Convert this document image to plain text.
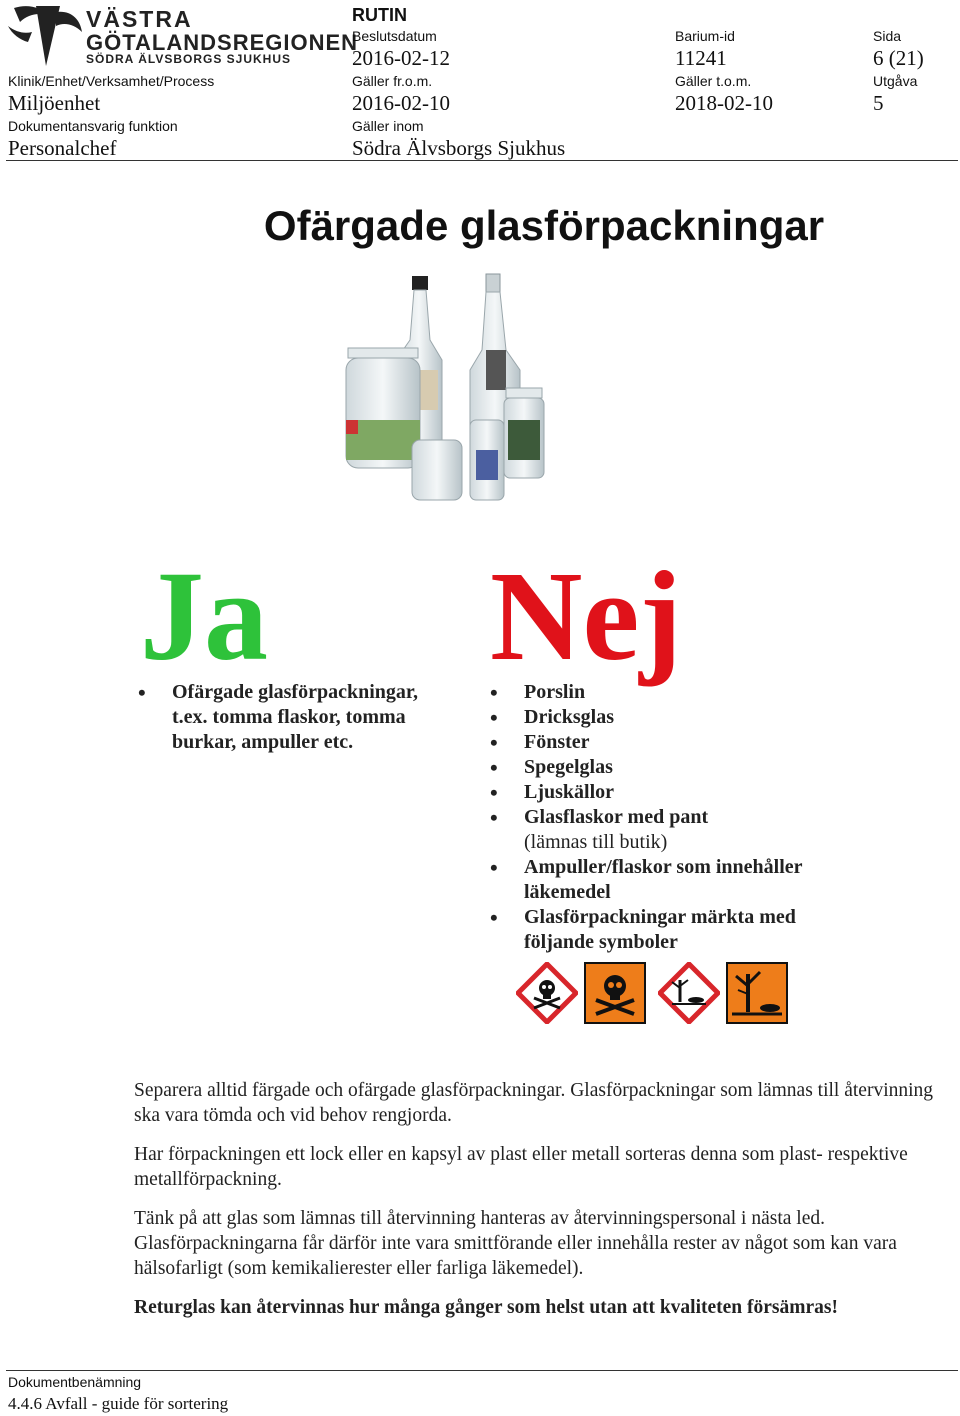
VÄSTRA
GÖTALANDSREGIONEN
SÖDRA ÄLVSBORGS SJUKHUS
RUTIN
Beslutsdatum
2016-02-12
Barium-id
11241
Sida
6 (21)
Klinik/Enhet/Verksamhet/Process
Miljöenhet
Gäller fr.o.m.
2016-02-10
Gäller t.o.m.
2018-02-10
Utgåva
5
Dokumentansvarig funktion
Personalchef
Gäller inom
Södra Älvsborgs Sjukhus
Ofärgade glasförpackningar
Ja
• Ofärgade glasförpackningar, t.ex. tomma flaskor, tomma burkar, ampuller etc.
Nej
• Porslin
• Dricksglas
• Fönster
• Spegelglas
• Ljuskällor
• Glasflaskor med pant
(lämnas till butik)
• Ampuller/flaskor som innehåller läkemedel
• Glasförpackningar märkta med följande symboler
Separera alltid färgade och ofärgade glasförpackningar. Glasförpackningar som lämnas till återvinning ska vara tömda och vid behov rengjorda.
Har förpackningen ett lock eller en kapsyl av plast eller metall sorteras denna som plast- respektive metallförpackning.
Tänk på att glas som lämnas till återvinning hanteras av återvinningspersonal i nästa led. Glasförpackningarna får därför inte vara smittförande eller innehålla rester av något som kan vara hälsofarligt (som kemikalierester eller farliga läkemedel).
Returglas kan återvinnas hur många gånger som helst utan att kvaliteten försämras!
Dokumentbenämning
4.4.6 Avfall - guide för sortering
